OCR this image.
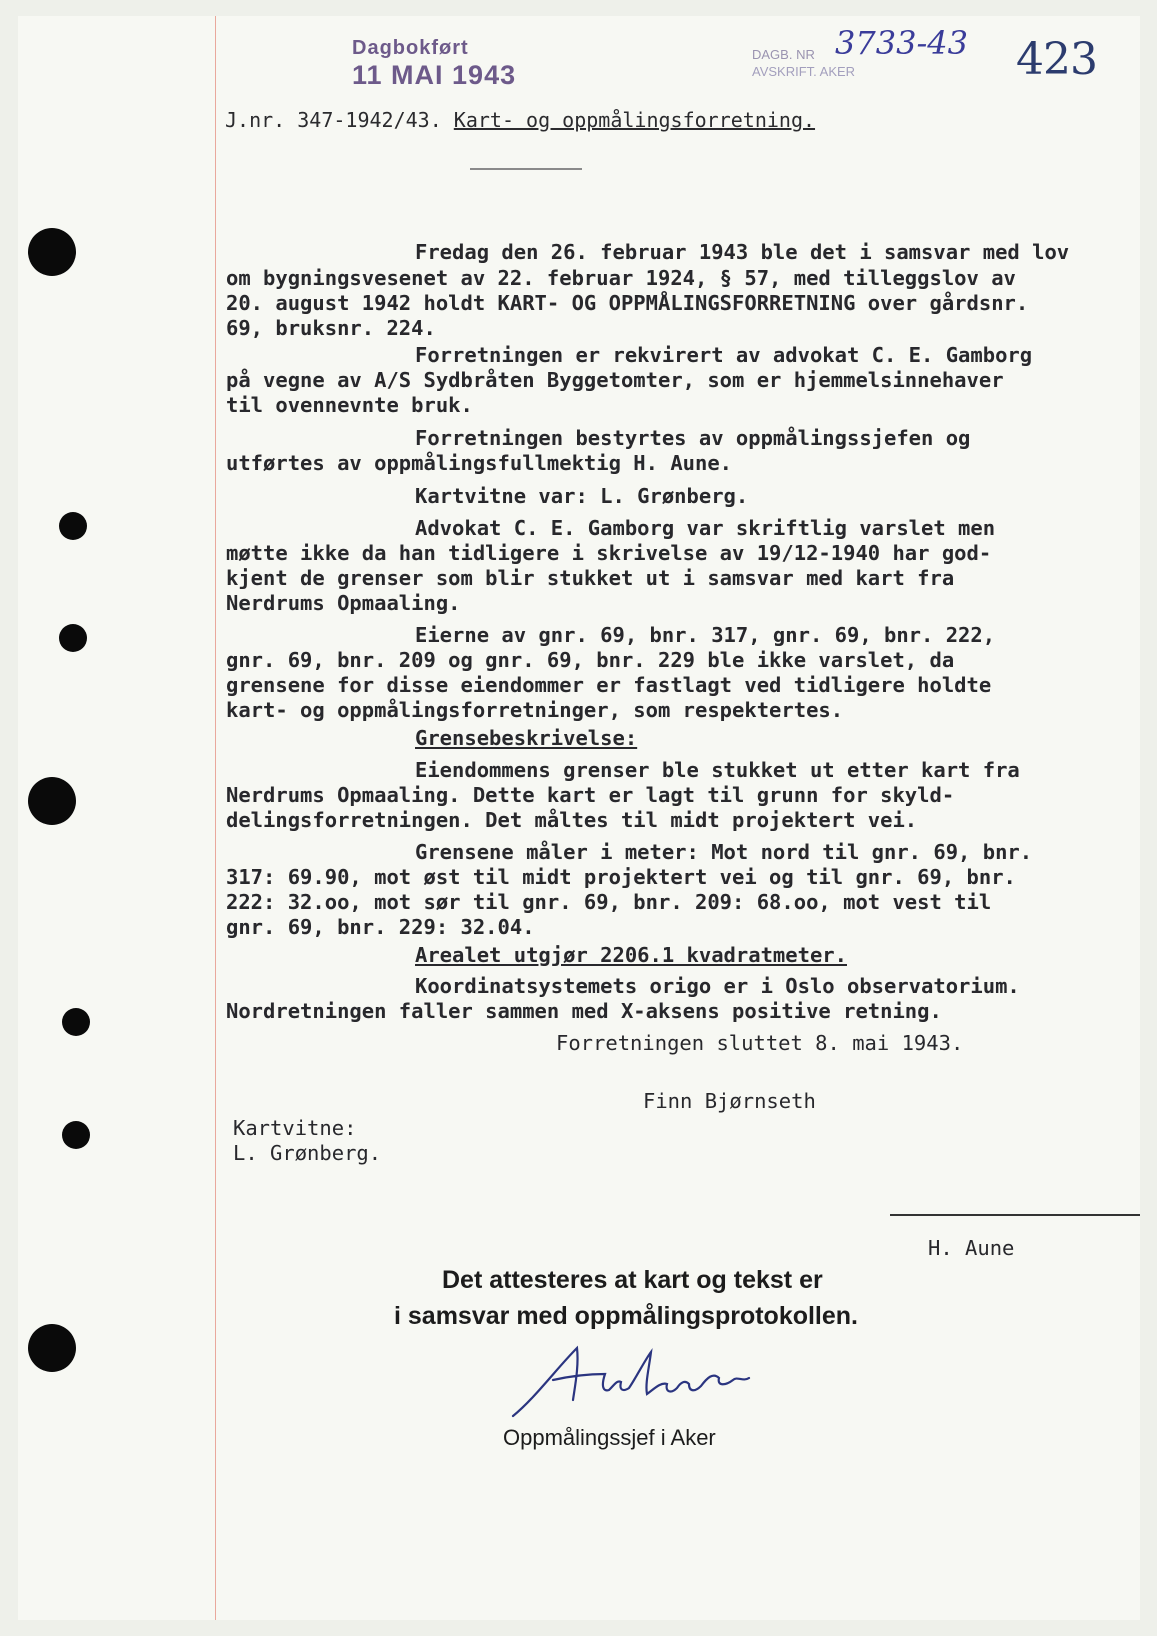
Dagbokført
11 MAI 1943
DAGB. NR
AVSKRIFT. AKER
3733-43 423
J.nr. 347-1942/43. Kart- og oppmålingsforretning.
Fredag den 26. februar 1943 ble det i samsvar med lov
om bygningsvesenet av 22. februar 1924, § 57, med tilleggslov av
20. august 1942 holdt KART- OG OPPMÅLINGSFORRETNING over gårdsnr.
69, bruksnr. 224.
Forretningen er rekvirert av advokat C. E. Gamborg
på vegne av A/S Sydbråten Byggetomter, som er hjemmelsinnehaver
til ovennevnte bruk.
Forretningen bestyrtes av oppmålingssjefen og
utførtes av oppmålingsfullmektig H. Aune.
Kartvitne var: L. Grønberg.
Advokat C. E. Gamborg var skriftlig varslet men
møtte ikke da han tidligere i skrivelse av 19/12-1940 har god-
kjent de grenser som blir stukket ut i samsvar med kart fra
Nerdrums Opmaaling.
Eierne av gnr. 69, bnr. 317, gnr. 69, bnr. 222,
gnr. 69, bnr. 209 og gnr. 69, bnr. 229 ble ikke varslet, da
grensene for disse eiendommer er fastlagt ved tidligere holdte
kart- og oppmålingsforretninger, som respektertes.
Grensebeskrivelse:
Eiendommens grenser ble stukket ut etter kart fra
Nerdrums Opmaaling. Dette kart er lagt til grunn for skyld-
delingsforretningen. Det måltes til midt projektert vei.
Grensene måler i meter: Mot nord til gnr. 69, bnr.
317: 69.90, mot øst til midt projektert vei og til gnr. 69, bnr.
222: 32.oo, mot sør til gnr. 69, bnr. 209: 68.oo, mot vest til
gnr. 69, bnr. 229: 32.04.
Arealet utgjør 2206.1 kvadratmeter.
Koordinatsystemets origo er i Oslo observatorium.
Nordretningen faller sammen med X-aksens positive retning.
Forretningen sluttet 8. mai 1943.
Finn Bjørnseth
Kartvitne:
L. Grønberg.
H. Aune
Det attesteres at kart og tekst er
i samsvar med oppmålingsprotokollen.
Oppmålingssjef i Aker
